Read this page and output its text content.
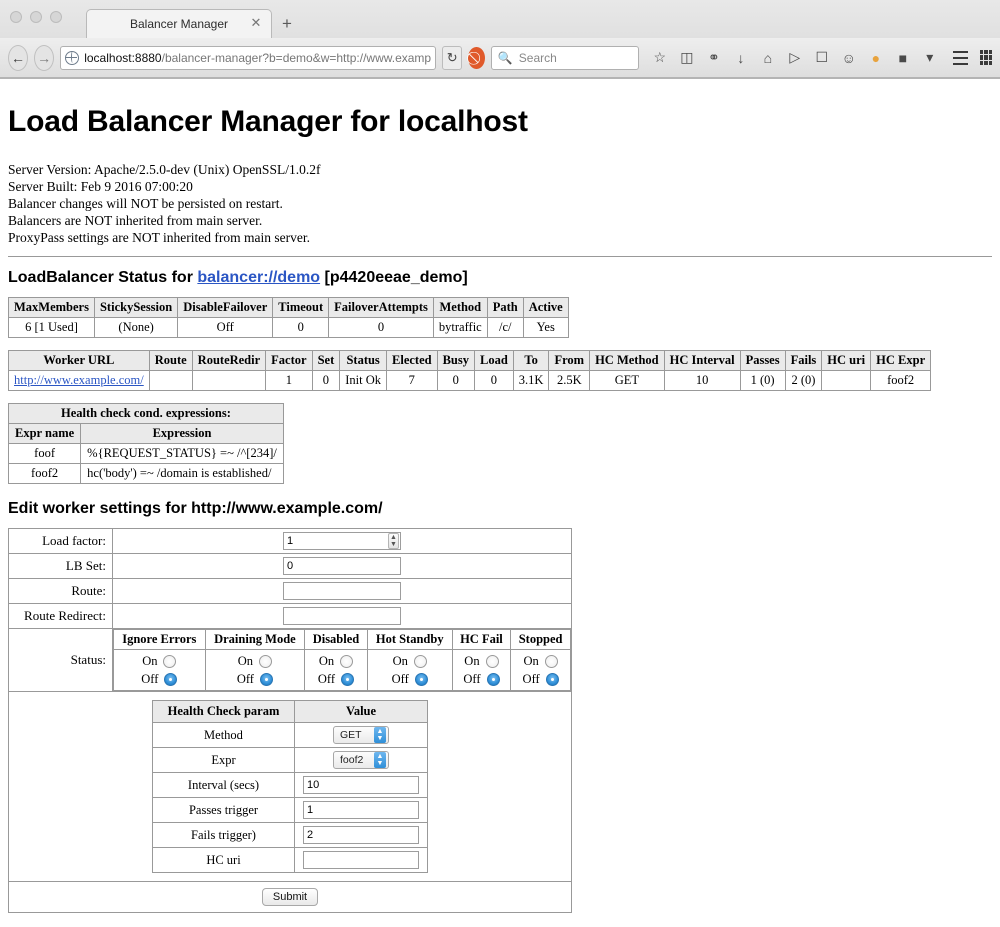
Balancer Manager ✕	+
← →	localhost:8880/balancer-manager?b=demo&w=http://www.examp	↻	🔍 Search	☆ ◫ ⚭	↓	⌂	▷ ☐ ☺	●	■	▾
Load Balancer Manager for localhost
Server Version: Apache/2.5.0-dev (Unix) OpenSSL/1.0.2f
Server Built: Feb 9 2016 07:00:20
Balancer changes will NOT be persisted on restart.
Balancers are NOT inherited from main server.
ProxyPass settings are NOT inherited from main server.
LoadBalancer Status for balancer://demo [p4420eeae_demo]
MaxMembers	StickySession	DisableFailover	Timeout	FailoverAttempts	Method	Path	Active
6 [1 Used]	(None)	Off	0	0	bytraffic	/c/	Yes
Worker URL	Route	RouteRedir	Factor	Set	Status	Elected	Busy	Load	To	From	HC Method	HC Interval	Passes	Fails	HC uri	HC Expr
http://www.example.com/			1	0	Init Ok	7	0	0	3.1K	2.5K	GET	10	1 (0)	2 (0)		foof2
Health check cond. expressions:	
Expr name	Expression
foof	%{REQUEST_STATUS} =~ /^[234]/
foof2	hc('body') =~ /domain is established/
Edit worker settings for http://www.example.com/
Load factor:	1▲
▼

LB Set:	0
Route:	
Route Redirect:	
Status:	
Ignore Errors	Draining Mode	Disabled	Hot Standby	HC Fail	Stopped

On
Off

On
Off

On
Off

On
Off

On
Off

On
Off

Health Check param	Value
Method	GET	▲
▼

Expr	foof2	▲
▼

Interval (secs)	10
Passes trigger	1
Fails trigger)	2
HC uri	

Submit
